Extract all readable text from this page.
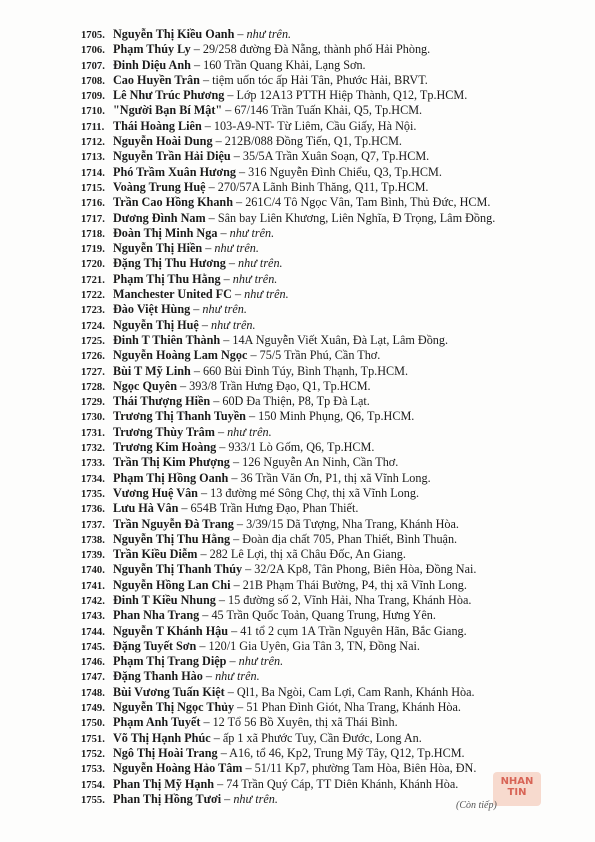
1705. Nguyễn Thị Kiều Oanh – như trên.
1706. Phạm Thúy Ly – 29/258 đường Đà Nẵng, thành phố Hải Phòng.
1707. Đinh Diệu Anh – 160 Trần Quang Khải, Lạng Sơn.
1708. Cao Huyền Trân – tiệm uốn tóc ấp Hải Tân, Phước Hải, BRVT.
1709. Lê Như Trúc Phương – Lớp 12A13 PTTH Hiệp Thành, Q12, Tp.HCM.
1710. "Người Bạn Bí Mật" – 67/146 Trần Tuấn Khải, Q5, Tp.HCM.
1711. Thái Hoàng Liên – 103-A9-NT- Từ Liêm, Cầu Giấy, Hà Nội.
1712. Nguyễn Hoài Dung – 212B/088 Đồng Tiến, Q1, Tp.HCM.
1713. Nguyễn Trần Hải Diệu – 35/5A Trần Xuân Soạn, Q7, Tp.HCM.
1714. Phó Trầm Xuân Hương – 316 Nguyễn Đình Chiểu, Q3, Tp.HCM.
1715. Voàng Trung Huệ – 270/57A Lãnh Binh Thăng, Q11, Tp.HCM.
1716. Trần Cao Hồng Khanh – 261C/4 Tô Ngọc Vân, Tam Bình, Thủ Đức, HCM.
1717. Dương Đình Nam – Sân bay Liên Khương, Liên Nghĩa, Đ Trọng, Lâm Đồng.
1718. Đoàn Thị Minh Nga – như trên.
1719. Nguyễn Thị Hiền – như trên.
1720. Đặng Thị Thu Hương – như trên.
1721. Phạm Thị Thu Hằng – như trên.
1722. Manchester United FC – như trên.
1723. Đào Việt Hùng – như trên.
1724. Nguyễn Thị Huệ – như trên.
1725. Đinh T Thiên Thành – 14A Nguyễn Viết Xuân, Đà Lạt, Lâm Đồng.
1726. Nguyễn Hoàng Lam Ngọc – 75/5 Trần Phú, Cần Thơ.
1727. Bùi T Mỹ Linh – 660 Bùi Đình Túy, Bình Thạnh, Tp.HCM.
1728. Ngọc Quyên – 393/8 Trần Hưng Đạo, Q1, Tp.HCM.
1729. Thái Thượng Hiền – 60D Đa Thiện, P8, Tp Đà Lạt.
1730. Trương Thị Thanh Tuyền – 150 Minh Phụng, Q6, Tp.HCM.
1731. Trương Thùy Trâm – như trên.
1732. Trương Kim Hoàng – 933/1 Lò Gốm, Q6, Tp.HCM.
1733. Trần Thị Kim Phượng – 126 Nguyễn An Ninh, Cần Thơ.
1734. Phạm Thị Hồng Oanh – 36 Trần Văn Ơn, P1, thị xã Vĩnh Long.
1735. Vương Huệ Vân – 13 đường mé Sông Chợ, thị xã Vĩnh Long.
1736. Lưu Hà Vân – 654B Trần Hưng Đạo, Phan Thiết.
1737. Trần Nguyễn Đà Trang – 3/39/15 Dã Tượng, Nha Trang, Khánh Hòa.
1738. Nguyễn Thị Thu Hằng – Đoàn địa chất 705, Phan Thiết, Bình Thuận.
1739. Trần Kiều Diễm – 282 Lê Lợi, thị xã Châu Đốc, An Giang.
1740. Nguyễn Thị Thanh Thúy – 32/2A Kp8, Tân Phong, Biên Hòa, Đồng Nai.
1741. Nguyễn Hồng Lan Chi – 21B Phạm Thái Bường, P4, thị xã Vĩnh Long.
1742. Đinh T Kiều Nhung – 15 đường số 2, Vĩnh Hải, Nha Trang, Khánh Hòa.
1743. Phan Nha Trang – 45 Trần Quốc Toản, Quang Trung, Hưng Yên.
1744. Nguyễn T Khánh Hậu – 41 tổ 2 cụm 1A Trần Nguyên Hãn, Bắc Giang.
1745. Đặng Tuyết Sơn – 120/1 Gia Uyên, Gia Tân 3, TN, Đồng Nai.
1746. Phạm Thị Trang Diệp – như trên.
1747. Đặng Thanh Hào – như trên.
1748. Bùi Vương Tuấn Kiệt – Ql1, Ba Ngòi, Cam Lợi, Cam Ranh, Khánh Hòa.
1749. Nguyễn Thị Ngọc Thủy – 51 Phan Đình Giót, Nha Trang, Khánh Hòa.
1750. Phạm Anh Tuyết – 12 Tổ 56 Bồ Xuyên, thị xã Thái Bình.
1751. Võ Thị Hạnh Phúc – ấp 1 xã Phước Tuy, Cần Đước, Long An.
1752. Ngô Thị Hoài Trang – A16, tổ 46, Kp2, Trung Mỹ Tây, Q12, Tp.HCM.
1753. Nguyễn Hoàng Hảo Tâm – 51/11 Kp7, phường Tam Hòa, Biên Hòa, ĐN.
1754. Phan Thị Mỹ Hạnh – 74 Trần Quý Cáp, TT Diên Khánh, Khánh Hòa.
1755. Phan Thị Hồng Tươi – như trên.
NHAN TIN
(Còn tiếp)
